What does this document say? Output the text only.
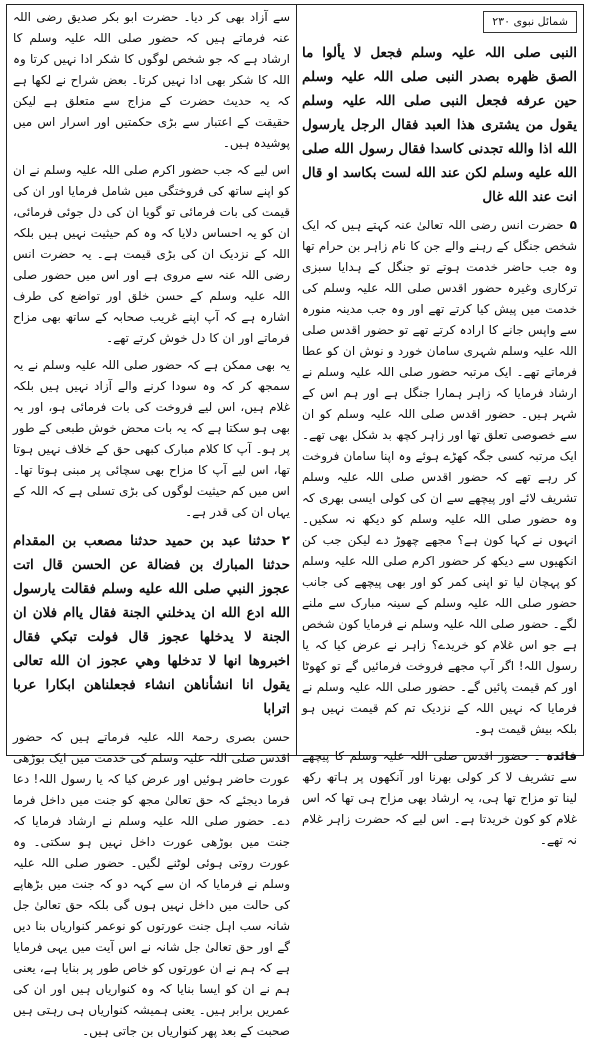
شمائل نبوی ۲۳۰

النبی صلی اللہ علیہ وسلم فجعل لا یألوا ما الصق ظهره بصدر النبی صلی اللہ علیہ وسلم حین عرفه فجعل النبی صلی اللہ علیہ وسلم یقول من یشتری هذا العبد فقال الرجل یارسول الله اذا والله تجدنی کاسدا فقال رسول الله صلی الله علیه وسلم لکن عند الله لست بکاسد او قال انت عند الله غال

۵حضرت انس رضی اللہ تعالیٰ عنہ کہتے ہیں کہ ایک شخص جنگل کے رہنے والے جن کا نام زاہر بن حرام تھا وہ جب حاضر خدمت ہوتے تو جنگل کے ہدایا سبزی ترکاری وغیرہ حضور اقدس صلی اللہ علیہ وسلم کی خدمت میں پیش کیا کرتے تھے اور وہ جب مدینہ منورہ سے واپس جانے کا ارادہ کرتے تھے تو حضور اقدس صلی اللہ علیہ وسلم شہری سامان خورد و نوش ان کو عطا فرماتے تھے۔ ایک مرتبہ حضور صلی اللہ علیہ وسلم نے ارشاد فرمایا کہ زاہر ہمارا جنگل ہے اور ہم اس کے شہر ہیں۔ حضور اقدس صلی اللہ علیہ وسلم کو ان سے خصوصی تعلق تھا اور زاہر کچھ بد شکل بھی تھے۔ ایک مرتبہ کسی جگہ کھڑے ہوئے وہ اپنا سامان فروخت کر رہے تھے کہ حضور اقدس صلی اللہ علیہ وسلم تشریف لائے اور پیچھے سے ان کی کولی ایسی بھری کہ وہ حضور صلی اللہ علیہ وسلم کو دیکھ نہ سکیں۔ انہوں نے کہا کون ہے؟ مجھے چھوڑ دے لیکن جب کن انکھیوں سے دیکھ کر حضور اکرم صلی اللہ علیہ وسلم کو پہچان لیا تو اپنی کمر کو اور بھی پیچھے کی جانب حضور صلی اللہ علیہ وسلم کے سینہ مبارک سے ملنے لگے۔ حضور صلی اللہ علیہ وسلم نے فرمایا کون شخص ہے جو اس غلام کو خریدے؟ زاہر نے عرض کیا کہ یا رسول اللہ! اگر آپ مجھے فروخت فرمائیں گے تو کھوٹا اور کم قیمت پائیں گے۔ حضور صلی اللہ علیہ وسلم نے فرمایا کہ نہیں اللہ کے نزدیک تم کم قیمت نہیں ہو بلکہ بیش قیمت ہو۔

فائدہ ۔ حضور اقدس صلی اللہ علیہ وسلم کا پیچھے سے تشریف لا کر کولی بھرنا اور آنکھوں پر ہاتھ رکھ لینا تو مزاح تھا ہی، یہ ارشاد بھی مزاح ہی تھا کہ اس غلام کو کون خریدتا ہے۔ اس لیے کہ حضرت زاہر غلام نہ تھے۔

سے آزاد بھی کر دیا۔ حضرت ابو بکر صدیق رضی اللہ عنہ فرماتے ہیں کہ حضور صلی اللہ علیہ وسلم کا ارشاد ہے کہ جو شخص لوگوں کا شکر ادا نہیں کرتا وہ اللہ کا شکر بھی ادا نہیں کرتا۔ بعض شراح نے لکھا ہے کہ یہ حدیث حضرت کے مزاج سے متعلق ہے لیکن حقیقت کے اعتبار سے بڑی حکمتیں اور اسرار اس میں پوشیدہ ہیں۔

اس لیے کہ جب حضور اکرم صلی اللہ علیہ وسلم نے ان کو اپنے ساتھ کی فروختگی میں شامل فرمایا اور ان کی قیمت کی بات فرمائی تو گویا ان کی دل جوئی فرمائی، ان کو یہ احساس دلایا کہ وہ کم حیثیت نہیں ہیں بلکہ اللہ کے نزدیک ان کی بڑی قیمت ہے۔ یہ حضرت انس رضی اللہ عنہ سے مروی ہے اور اس میں حضور صلی اللہ علیہ وسلم کے حسن خلق اور تواضع کی طرف اشارہ ہے کہ آپ اپنے غریب صحابہ کے ساتھ بھی مزاح فرماتے اور ان کا دل خوش کرتے تھے۔

یہ بھی ممکن ہے کہ حضور صلی اللہ علیہ وسلم نے یہ سمجھ کر کہ وہ سودا کرنے والے آزاد نہیں ہیں بلکہ غلام ہیں، اس لیے فروخت کی بات فرمائی ہو، اور یہ بھی ہو سکتا ہے کہ یہ بات محض خوش طبعی کے طور پر ہو۔ آپ کا کلام مبارک کبھی حق کے خلاف نہیں ہوتا تھا، اس لیے آپ کا مزاح بھی سچائی پر مبنی ہوتا تھا۔ اس میں کم حیثیت لوگوں کی بڑی تسلی ہے کہ اللہ کے یہاں ان کی قدر ہے۔

۲حدثنا عبد بن حميد حدثنا مصعب بن المقدام حدثنا المبارك بن فضالة عن الحسن قال اتت عجوز النبي صلى الله عليه وسلم فقالت يارسول الله ادع الله ان يدخلني الجنة فقال ياام فلان ان الجنة لا يدخلها عجوز قال فولت تبكي فقال اخبروها انها لا تدخلها وهي عجوز ان الله تعالى يقول انا انشأناهن انشاء فجعلناهن ابكارا عربا اترابا

حسن بصری رحمۃ اللہ علیہ فرماتے ہیں کہ حضور اقدس صلی اللہ علیہ وسلم کی خدمت میں ایک بوڑھی عورت حاضر ہوئیں اور عرض کیا کہ یا رسول اللہ! دعا فرما دیجئے کہ حق تعالیٰ مجھ کو جنت میں داخل فرما دے۔ حضور صلی اللہ علیہ وسلم نے ارشاد فرمایا کہ جنت میں بوڑھی عورت داخل نہیں ہو سکتی۔ وہ عورت روتی ہوئی لوٹنے لگیں۔ حضور صلی اللہ علیہ وسلم نے فرمایا کہ ان سے کہہ دو کہ جنت میں بڑھاپے کی حالت میں داخل نہیں ہوں گی بلکہ حق تعالیٰ جل شانہ سب اہل جنت عورتوں کو نوعمر کنواریاں بنا دیں گے اور حق تعالیٰ جل شانہ نے اس آیت میں یہی فرمایا ہے کہ ہم نے ان عورتوں کو خاص طور پر بنایا ہے، یعنی ہم نے ان کو ایسا بنایا کہ وہ کنواریاں ہیں اور ان کی عمریں برابر ہیں۔ یعنی ہمیشہ کنواریاں ہی رہتی ہیں صحبت کے بعد پھر کنواریاں بن جاتی ہیں۔
